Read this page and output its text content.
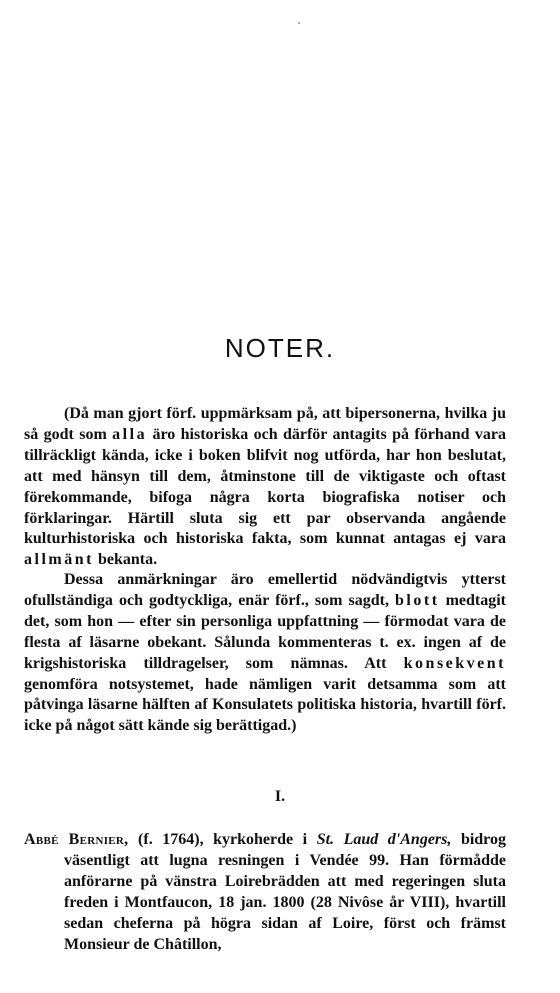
NOTER.

(Då man gjort förf. uppmärksam på, att bipersonerna, hvilka ju så godt som alla äro historiska och därför antagits på förhand vara tillräckligt kända, icke i boken blifvit nog utförda, har hon beslutat, att med hänsyn till dem, åtminstone till de viktigaste och oftast förekommande, bifoga några korta biografiska notiser och förklaringar. Härtill sluta sig ett par observanda angående kulturhistoriska och historiska fakta, som kunnat antagas ej vara allmänt bekanta.

Dessa anmärkningar äro emellertid nödvändigtvis ytterst ofullständiga och godtyckliga, enär förf., som sagdt, blott medtagit det, som hon — efter sin personliga uppfattning — förmodat vara de flesta af läsarne obekant. Sålunda kommenteras t. ex. ingen af de krigshistoriska tilldragelser, som nämnas. Att konsekvent genomföra notsystemet, hade nämligen varit detsamma som att påtvinga läsarne hälften af Konsulatets politiska historia, hvartill förf. icke på något sätt kände sig berättigad.)

I.

Abbé Bernier, (f. 1764), kyrkoherde i St. Laud d'Angers, bidrog väsentligt att lugna resningen i Vendée 99. Han förmådde anförarne på vänstra Loirebrädden att med regeringen sluta freden i Montfaucon, 18 jan. 1800 (28 Nivôse år VIII), hvartill sedan cheferna på högra sidan af Loire, först och främst Monsieur de Châtillon,
